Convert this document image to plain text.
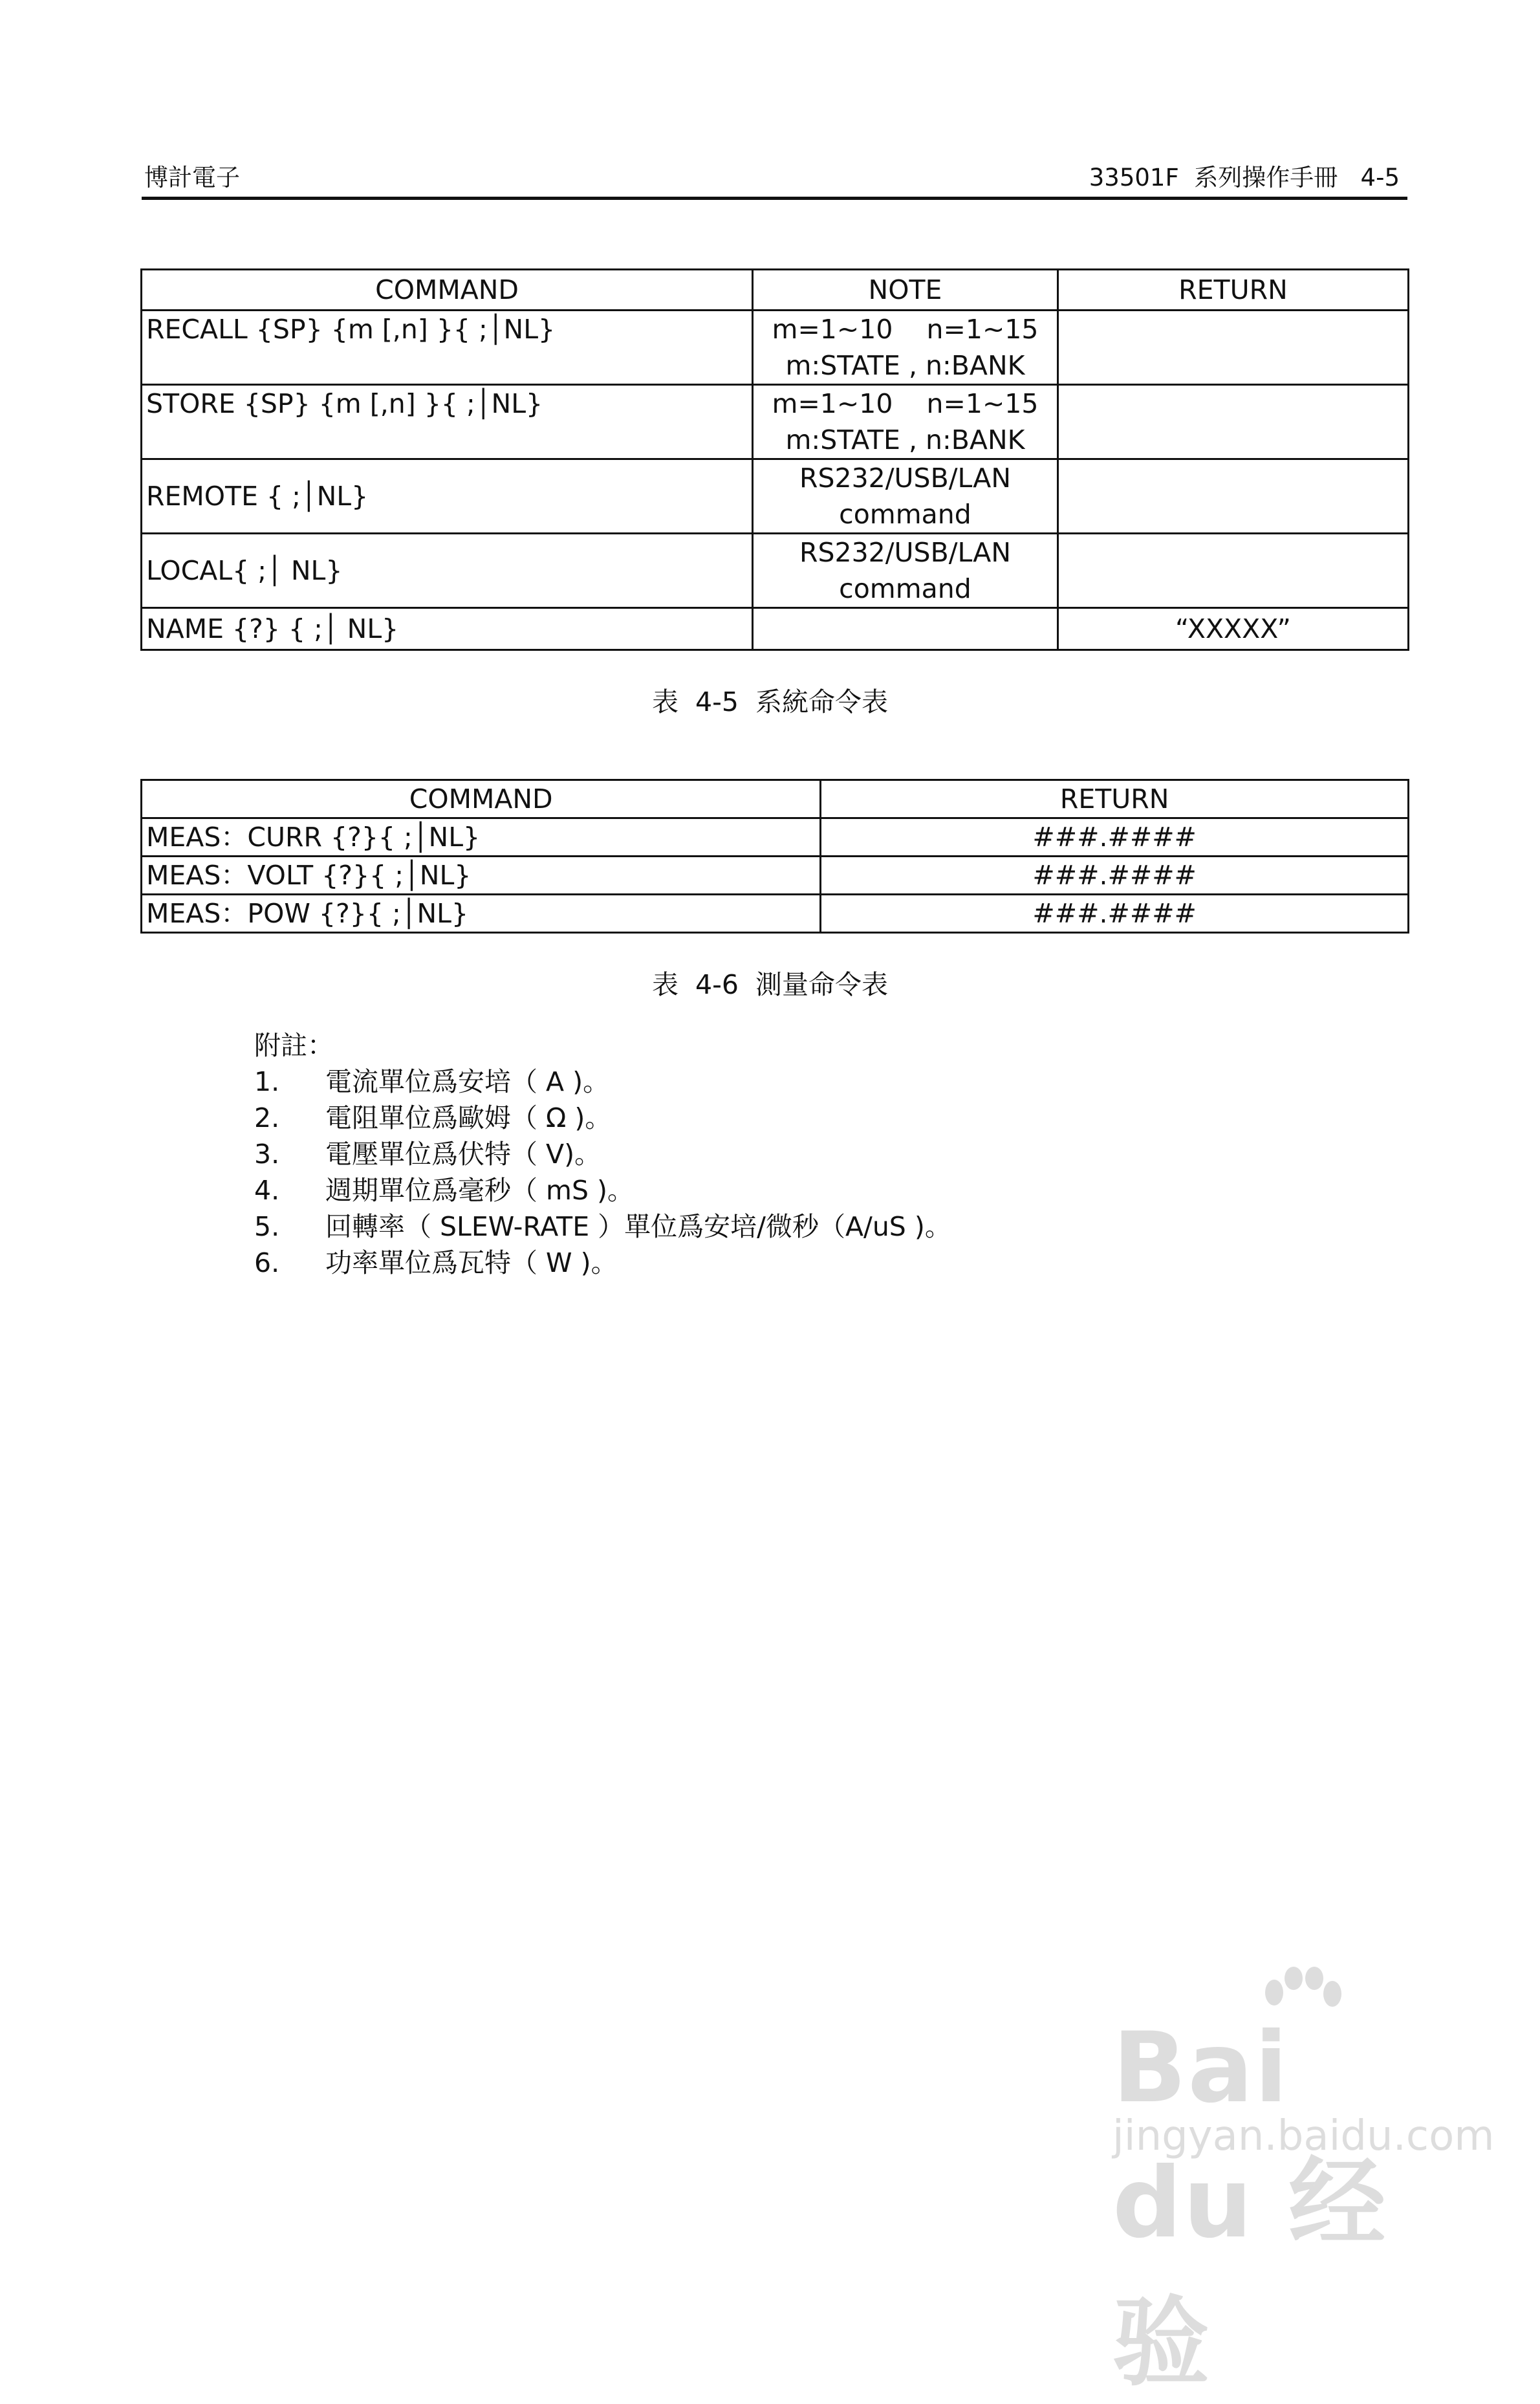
博計電子	33501F  系列操作手冊   4-5
COMMAND	NOTE	RETURN
RECALL {SP} {m [,n] }{ ;│NL}	m=1~10    n=1~15
m:STATE , n:BANK	

STORE {SP} {m [,n] }{ ;│NL}	m=1~10    n=1~15
m:STATE , n:BANK	

REMOTE { ;│NL}	RS232/USB/LAN
command	

LOCAL{ ;│ NL}	RS232/USB/LAN
command	

NAME {?} { ;│ NL}		“XXXXX”
表  4-5  系統命令表
COMMAND	RETURN
MEAS：CURR {?}{ ;│NL}	###.####
MEAS：VOLT {?}{ ;│NL}	###.####
MEAS：POW {?}{ ;│NL}	###.####
表  4-6  測量命令表
附註：
1. 電流單位爲安培（ A )。
2. 電阻單位爲歐姆（ Ω )。
3. 電壓單位爲伏特（ V)。
4. 週期單位爲毫秒（ mS )。
5. 回轉率（ SLEW-RATE ）單位爲安培/微秒（A/uS )。
6. 功率單位爲瓦特（ W )。
Bai du 经验
jingyan.baidu.com
